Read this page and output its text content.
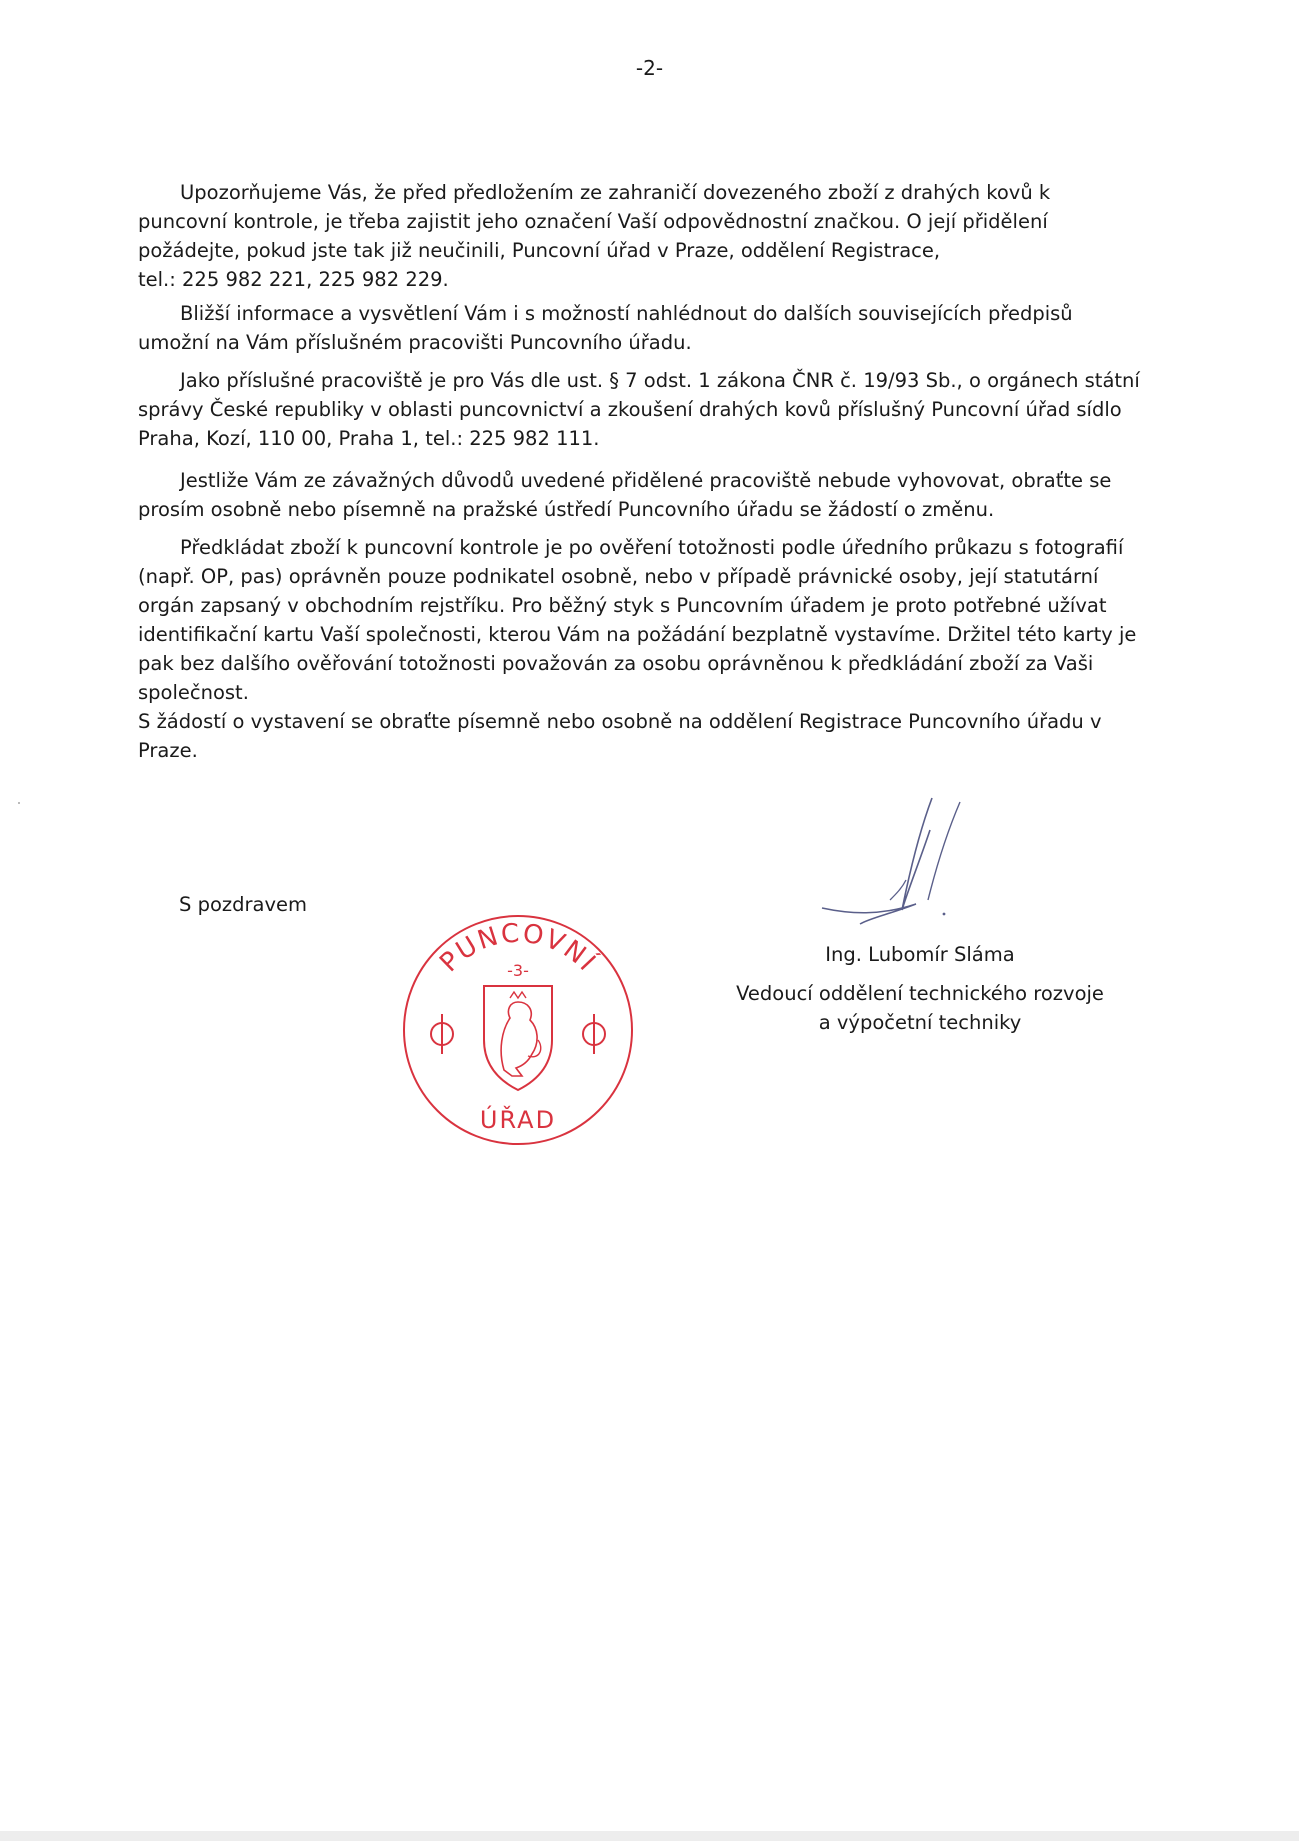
-2-
Upozorňujeme Vás, že před předložením ze zahraničí dovezeného zboží z drahých kovů k
puncovní kontrole, je třeba zajistit jeho označení Vaší odpovědnostní značkou. O její přidělení
požádejte, pokud jste tak již neučinili, Puncovní úřad v Praze, oddělení Registrace,
tel.: 225 982 221, 225 982 229.
Bližší informace a vysvětlení Vám i s možností nahlédnout do dalších souvisejících předpisů
umožní na Vám příslušném pracovišti Puncovního úřadu.
Jako příslušné pracoviště je pro Vás dle ust. § 7 odst. 1 zákona ČNR č. 19/93 Sb., o orgánech státní
správy České republiky v oblasti puncovnictví a zkoušení drahých kovů příslušný Puncovní úřad sídlo
Praha, Kozí, 110 00, Praha 1, tel.: 225 982 111.
Jestliže Vám ze závažných důvodů uvedené přidělené pracoviště nebude vyhovovat, obraťte se
prosím osobně nebo písemně na pražské ústředí Puncovního úřadu se žádostí o změnu.
Předkládat zboží k puncovní kontrole je po ověření totožnosti podle úředního průkazu s fotografií
(např. OP, pas) oprávněn pouze podnikatel osobně, nebo v případě právnické osoby, její statutární
orgán zapsaný v obchodním rejstříku. Pro běžný styk s Puncovním úřadem je proto potřebné užívat
identifikační kartu Vaší společnosti, kterou Vám na požádání bezplatně vystavíme. Držitel této karty je
pak bez dalšího ověřování totožnosti považován za osobu oprávněnou k předkládání zboží za Vaši
společnost.
S žádostí o vystavení se obraťte písemně nebo osobně na oddělení Registrace Puncovního úřadu v
Praze.
S pozdravem
Ing. Lubomír Sláma
Vedoucí oddělení technického rozvoje
a výpočetní techniky
PUNCOVNÍ
-3-
ÚŘAD
